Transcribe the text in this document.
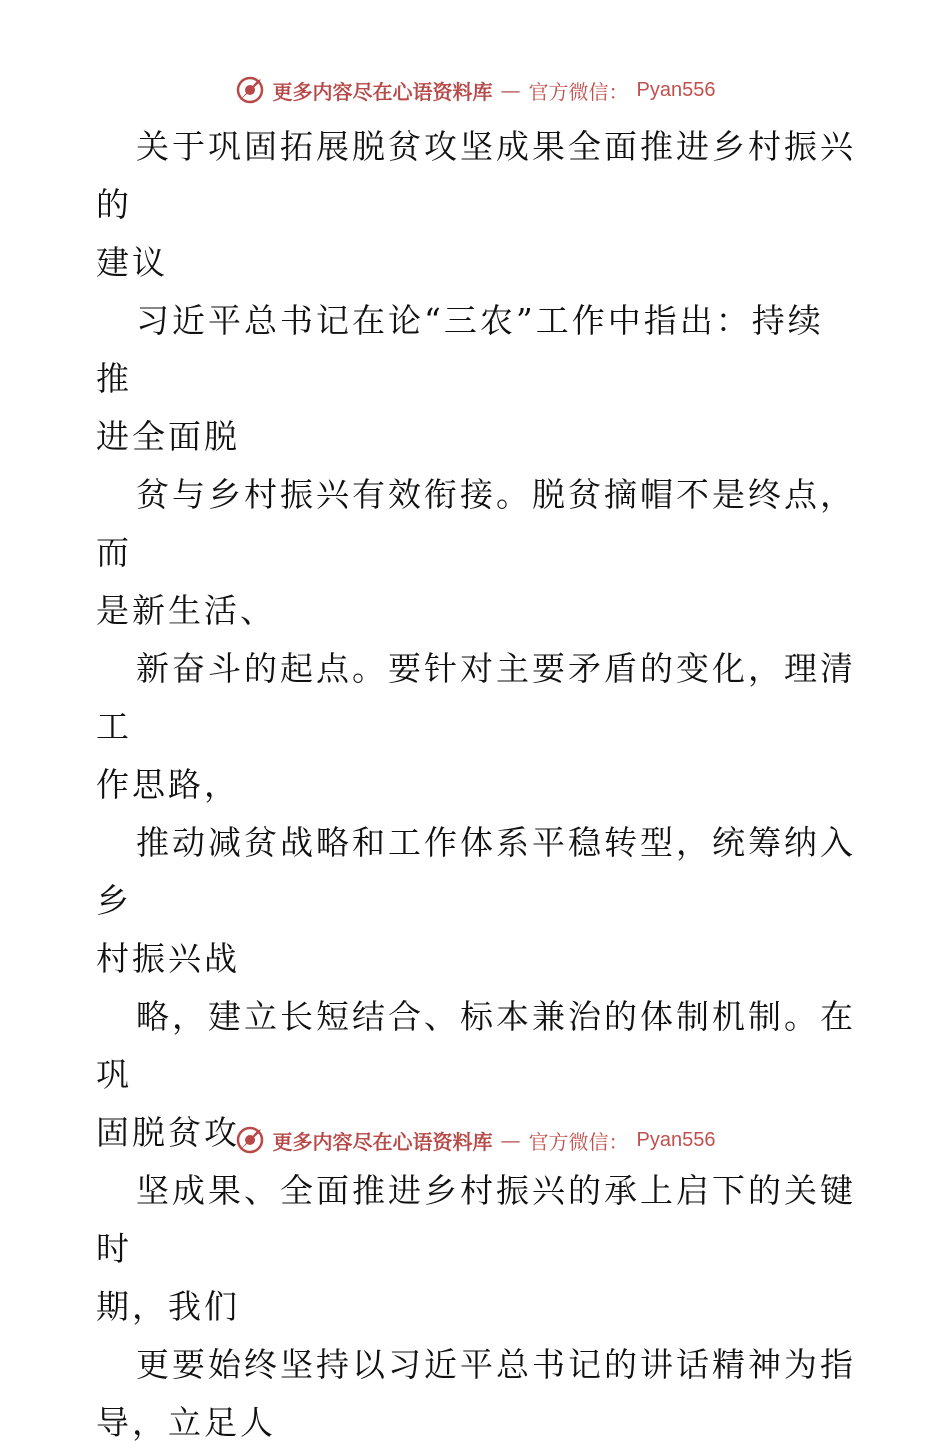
更多内容尽在心语资料库 — 官方微信： Pyan556

关于巩固拓展脱贫攻坚成果全面推进乡村振兴的
建议

习近平总书记在论“三农”工作中指出：持续推
进全面脱

贫与乡村振兴有效衔接。脱贫摘帽不是终点，而
是新生活、

新奋斗的起点。要针对主要矛盾的变化，理清工
作思路，

推动减贫战略和工作体系平稳转型，统筹纳入乡
村振兴战

略，建立长短结合、标本兼治的体制机制。在巩
固脱贫攻

坚成果、全面推进乡村振兴的承上启下的关键时
期，我们

更要始终坚持以习近平总书记的讲话精神为指
导，立足人

更多内容尽在心语资料库 — 官方微信： Pyan556
